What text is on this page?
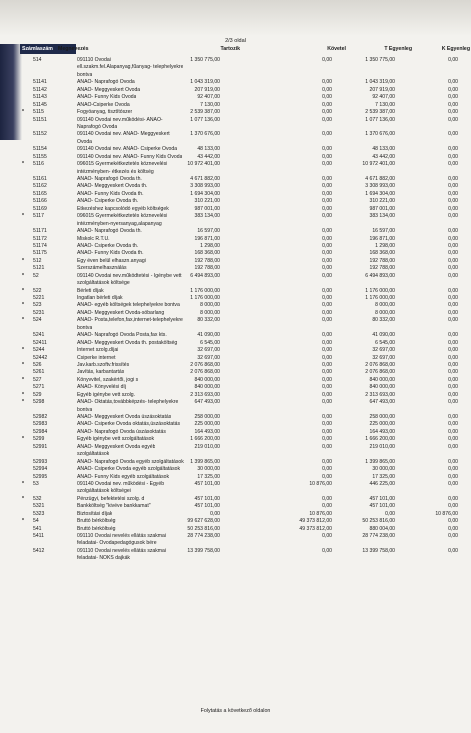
2/3 oldal
Számlaszám Megnevezés	Tartozik	Követel	T Egyenleg	K Egyenleg
514	091110 Óvodai	1 350 775,00	0,00	1 350 775,00	0,00
ell.szakm.fel.Alapanyag,fűanyag- telephelyekre
bontva
51141	ANAÓ- Naprafogó Óvoda	1 043 319,00	0,00	1 043 319,00	0,00
51142	ANAÓ- Meggyeskert Óvoda	207 919,00	0,00	207 919,00	0,00
51143	ANAÓ- Funny Kids Óvoda	92 407,00	0,00	92 407,00	0,00
51145	ANAÓ-Csiperke Óvoda	7 130,00	0,00	7 130,00	0,00
* 5115	Fogyóanyag, tisztítószer	2 539 387,00	0,00	2 539 387,00	0,00
51151	091140 Óvodai nev.működési- ANAÓ-	1 077 136,00	0,00	1 077 136,00	0,00
Naprafogó Óvoda
51152	091140 Óvodai nev. ANAÓ- Meggyeskert	1 370 676,00	0,00	1 370 676,00	0,00
Óvoda
51154	091140 Óvodai nev. ANAÓ- Csiperke Óvoda	48 133,00	0,00	48 133,00	0,00
51155	091140 Óvodai nev. ANAÓ- Funny Kids Óvoda	43 442,00	0,00	43 442,00	0,00
* 5116	096015 Gyermekétkeztetés köznevelési	10 972 401,00	0,00	10 972 401,00	0,00
intézményben- étkezés és költség
51161	ANAÓ- Naprafogó Óvoda th.	4 671 882,00	0,00	4 671 882,00	0,00
51162	ANAÓ- Meggyeskert Óvoda th.	3 308 993,00	0,00	3 308 993,00	0,00
51165	ANAÓ- Funny Kids Óvoda th.	1 694 304,00	0,00	1 694 304,00	0,00
51166	ANAÓ- Csiperke Óvoda th.	310 221,00	0,00	310 221,00	0,00
51169	Étkezéshez kapcsolódó egyéb költségek	987 001,00	0,00	987 001,00	0,00
* 5117	096015 Gyermekétkeztetés köznevelési	383 134,00	0,00	383 134,00	0,00
intézményben-nyersanyag,alapanyag
51171	ANAÓ- Naprafogó Óvoda th.	16 597,00	0,00	16 597,00	0,00
51172	Miskolc R.T.U.	196 871,00	0,00	196 871,00	0,00
51174	ANAÓ- Csiperke Óvoda th.	1 298,00	0,00	1 298,00	0,00
51175	ANAÓ- Funny Kids Óvoda th.	168 368,00	0,00	168 368,00	0,00
* 512	Egy éven belül elhaszn.anyagi	192 788,00	0,00	192 788,00	0,00
5121	Szerszámelhasználás	192 788,00	0,00	192 788,00	0,00
* 52	091140 Óvodai nev.működtetési - Igénybe vett 6 494 893,00	0,00	6 494 893,00	0,00
szolgáltatások költsége
* 522	Bérleti díjak	1 176 000,00	0,00	1 176 000,00	0,00
5221	Ingatlan bérleti díjak	1 176 000,00	0,00	1 176 000,00	0,00
* 523	ANAÓ- egyéb költségek telephelyekre bontva	8 000,00	0,00	8 000,00	0,00
5231	ANAÓ- Meggyeskert Óvoda-söbarlang	8 000,00	0,00	8 000,00	0,00
* 524	ANAÓ- Posta,telefon,fax,internet-telephelyekre	80 332,00	0,00	80 332,00	0,00
bontva
5241	ANAÓ- Naprafogó Óvoda Posta,fax kts.	41 090,00	0,00	41 090,00	0,00
52411	ANAÓ- Meggyeskert Óvoda th. postaköltség	6 545,00	0,00	6 545,00	0,00
* 5244	Internet szolg.díjai	32 697,00	0,00	32 697,00	0,00
52442	Csiperke internet	32 697,00	0,00	32 697,00	0,00
* 526	Jav.karb.szoftv.frissítés	2 076 868,00	0,00	2 076 868,00	0,00
5261	Javítás, karbantartás	2 076 868,00	0,00	2 076 868,00	0,00
* 527	Könyvvitel, szakértői, jogi s	840 000,00	0,00	840 000,00	0,00
5271	ANAÓ- Könyvelési díj	840 000,00	0,00	840 000,00	0,00
* 529	Egyéb igénybe vett szolg.	2 313 693,00	0,00	2 313 693,00	0,00
* 5298	ANAÓ- Oktatás,továbbképzés- telephelyekre	647 493,00	0,00	647 493,00	0,00
bontva
52982	ANAÓ- Meggyeskert Óvoda úszásoktatás	258 000,00	0,00	258 000,00	0,00
52983	ANAÓ- Csiperke Óvoda oktatás,úszásoktatás	225 000,00	0,00	225 000,00	0,00
52984	ANAÓ- Naprafogó Óvoda úszásoktatás	164 493,00	0,00	164 493,00	0,00
* 5299	Egyéb igénybe vett szolgáltatások	1 666 200,00	0,00	1 666 200,00	0,00
52991	ANAÓ- Meggyeskert Óvoda egyéb	219 010,00	0,00	219 010,00	0,00
szolgáltatások
52993	ANAÓ- Naprafogó Óvoda egyéb szolgáltatások 1 399 865,00	0,00	1 399 865,00	0,00
52994	ANAÓ- Csiperke Óvoda egyéb szolgáltatások	30 000,00	0,00	30 000,00	0,00
52995	ANAÓ- Funny Kids egyéb szolgáltatások	17 325,00	0,00	17 325,00	0,00
* 53	091140 Óvodai nev. működési - Egyéb	457 101,00	10 876,00	446 225,00	0,00
szolgáltatások költségei
* 532	Pénzügyi, befektetési szolg. d	457 101,00	0,00	457 101,00	0,00
5321	Bankköltség "kivéve bankkamat"	457 101,00	0,00	457 101,00	0,00
5323	Biztosítási díjak	0,00	10 876,00	0,00	10 876,00
* 54	Bruttó bérköltség	99 627 628,00	49 373 812,00	50 253 816,00	0,00
541	Bruttó bérköltség	50 253 816,00	49 373 812,00	880 004,00	0,00
5411	091110 Óvodai nevelés ellátás szakmai	28 774 238,00	0,00	28 774 238,00	0,00
feladatai- Óvodapedagógusok bére
5412	091110 Óvodai nevelés ellátás szakmai	13 399 758,00	0,00	13 399 758,00	0,00
feladatai- NOKS dajkák
Folytatás a következő oldalon
